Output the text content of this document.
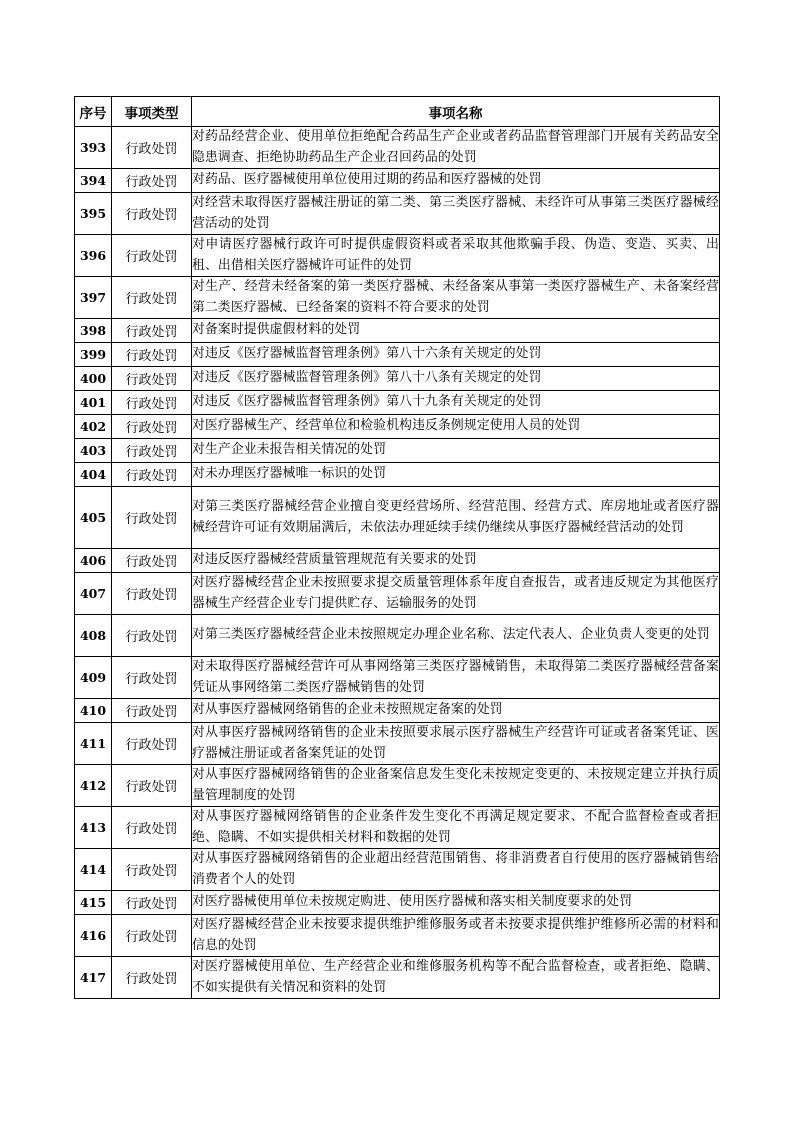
序号	事项类型	事项名称
393	行政处罚	对药品经营企业、使用单位拒绝配合药品生产企业或者药品监督管理部门开展有关药品安全隐患调查、拒绝协助药品生产企业召回药品的处罚
394	行政处罚	对药品、医疗器械使用单位使用过期的药品和医疗器械的处罚
395	行政处罚	对经营未取得医疗器械注册证的第二类、第三类医疗器械、未经许可从事第三类医疗器械经营活动的处罚
396	行政处罚	对申请医疗器械行政许可时提供虚假资料或者采取其他欺骗手段、伪造、变造、买卖、出租、出借相关医疗器械许可证件的处罚
397	行政处罚	对生产、经营未经备案的第一类医疗器械、未经备案从事第一类医疗器械生产、未备案经营第二类医疗器械、已经备案的资料不符合要求的处罚
398	行政处罚	对备案时提供虚假材料的处罚
399	行政处罚	对违反《医疗器械监督管理条例》第八十六条有关规定的处罚
400	行政处罚	对违反《医疗器械监督管理条例》第八十八条有关规定的处罚
401	行政处罚	对违反《医疗器械监督管理条例》第八十九条有关规定的处罚
402	行政处罚	对医疗器械生产、经营单位和检验机构违反条例规定使用人员的处罚
403	行政处罚	对生产企业未报告相关情况的处罚
404	行政处罚	对未办理医疗器械唯一标识的处罚
405	行政处罚	对第三类医疗器械经营企业擅自变更经营场所、经营范围、经营方式、库房地址或者医疗器械经营许可证有效期届满后，未依法办理延续手续仍继续从事医疗器械经营活动的处罚
406	行政处罚	对违反医疗器械经营质量管理规范有关要求的处罚
407	行政处罚	对医疗器械经营企业未按照要求提交质量管理体系年度自查报告，或者违反规定为其他医疗器械生产经营企业专门提供贮存、运输服务的处罚
408	行政处罚	对第三类医疗器械经营企业未按照规定办理企业名称、法定代表人、企业负责人变更的处罚
409	行政处罚	对未取得医疗器械经营许可从事网络第三类医疗器械销售，未取得第二类医疗器械经营备案凭证从事网络第二类医疗器械销售的处罚
410	行政处罚	对从事医疗器械网络销售的企业未按照规定备案的处罚
411	行政处罚	对从事医疗器械网络销售的企业未按照要求展示医疗器械生产经营许可证或者备案凭证、医疗器械注册证或者备案凭证的处罚
412	行政处罚	对从事医疗器械网络销售的企业备案信息发生变化未按规定变更的、未按规定建立并执行质量管理制度的处罚
413	行政处罚	对从事医疗器械网络销售的企业条件发生变化不再满足规定要求、不配合监督检查或者拒绝、隐瞒、不如实提供相关材料和数据的处罚
414	行政处罚	对从事医疗器械网络销售的企业超出经营范围销售、将非消费者自行使用的医疗器械销售给消费者个人的处罚
415	行政处罚	对医疗器械使用单位未按规定购进、使用医疗器械和落实相关制度要求的处罚
416	行政处罚	对医疗器械经营企业未按要求提供维护维修服务或者未按要求提供维护维修所必需的材料和信息的处罚
417	行政处罚	对医疗器械使用单位、生产经营企业和维修服务机构等不配合监督检查，或者拒绝、隐瞒、不如实提供有关情况和资料的处罚
